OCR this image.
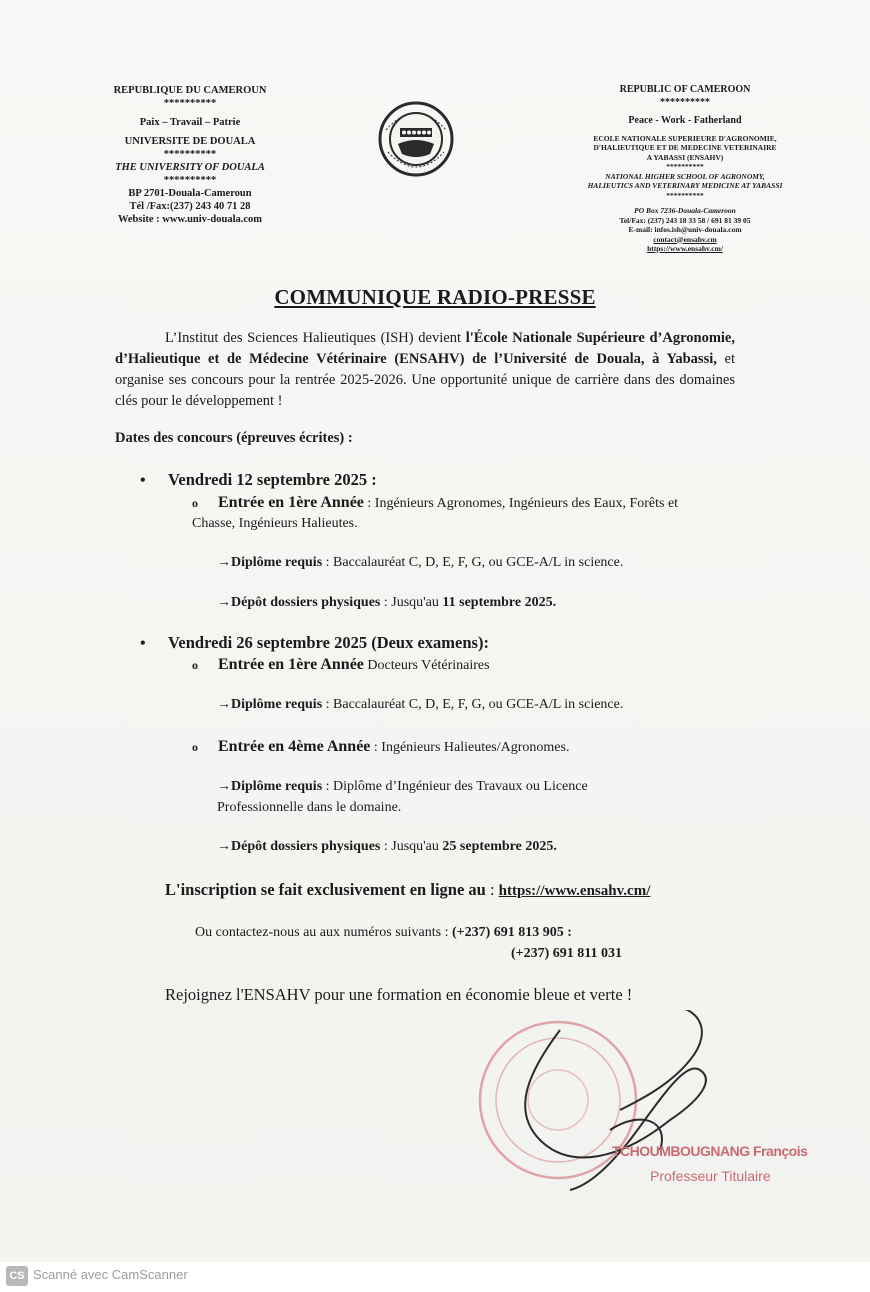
REPUBLIQUE DU CAMEROUN
**********
Paix – Travail – Patrie
UNIVERSITE DE DOUALA
**********
THE UNIVERSITY OF DOUALA
**********
BP 2701-Douala-Cameroun
Tél /Fax:(237) 243 40 71 28
Website : www.univ-douala.com
REPUBLIC OF CAMEROON
**********
Peace - Work - Fatherland
ECOLE NATIONALE SUPERIEURE D'AGRONOMIE,
D'HALIEUTIQUE ET DE MEDECINE VETERINAIRE
A YABASSI (ENSAHV)
**********
NATIONAL HIGHER SCHOOL OF AGRONOMY,
HALIEUTICS AND VETERINARY MEDICINE AT YABASSI
**********
PO Box 7236-Douala-Cameroon
Tel/Fax: (237) 243 18 33 58 / 691 81 39 05
E-mail: infos.ish@univ-douala.com
contact@ensahv.cm
https://www.ensahv.cm/
COMMUNIQUE RADIO-PRESSE
L’Institut des Sciences Halieutiques (ISH) devient l'École Nationale Supérieure d’Agronomie, d’Halieutique et de Médecine Vétérinaire (ENSAHV) de l’Université de Douala, à Yabassi, et organise ses concours pour la rentrée 2025-2026. Une opportunité unique de carrière dans des domaines clés pour le développement !
Dates des concours (épreuves écrites) :
• Vendredi 12 septembre 2025 :
o Entrée en 1ère Année : Ingénieurs Agronomes, Ingénieurs des Eaux, Forêts et Chasse, Ingénieurs Halieutes.
→Diplôme requis : Baccalauréat C, D, E, F, G, ou GCE-A/L in science.
→Dépôt dossiers physiques : Jusqu'au 11 septembre 2025.
• Vendredi 26 septembre 2025 (Deux examens):
o Entrée en 1ère Année Docteurs Vétérinaires
→Diplôme requis : Baccalauréat C, D, E, F, G, ou GCE-A/L in science.
o Entrée en 4ème Année : Ingénieurs Halieutes/Agronomes.
→Diplôme requis : Diplôme d’Ingénieur des Travaux ou Licence Professionnelle dans le domaine.
→Dépôt dossiers physiques : Jusqu'au 25 septembre 2025.
L'inscription se fait exclusivement en ligne au : https://www.ensahv.cm/
Ou contactez-nous au aux numéros suivants : (+237) 691 813 905 :
(+237) 691 811 031
Rejoignez l'ENSAHV pour une formation en économie bleue et verte !
TCHOUMBOUGNANG François
Professeur Titulaire
CS Scanné avec CamScanner
